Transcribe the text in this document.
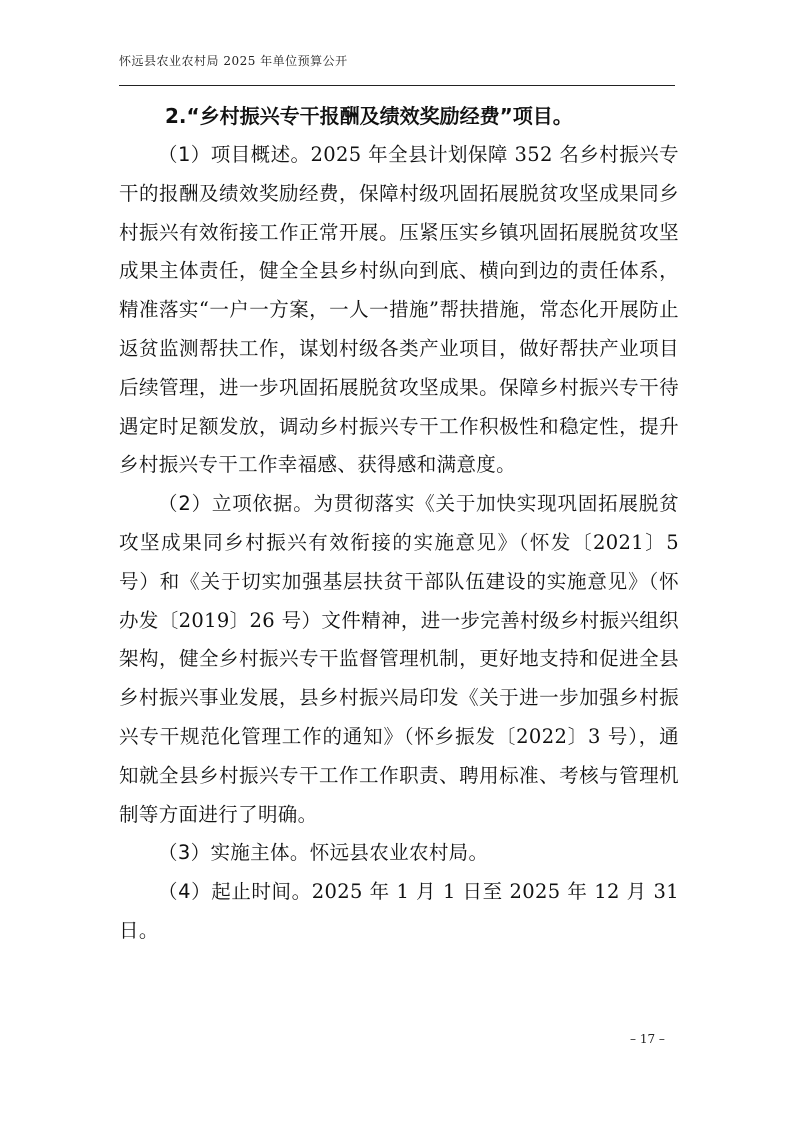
怀远县农业农村局 2025 年单位预算公开
2.“乡村振兴专干报酬及绩效奖励经费”项目。

（1）项目概述。2025 年全县计划保障 352 名乡村振兴专干的报酬及绩效奖励经费，保障村级巩固拓展脱贫攻坚成果同乡村振兴有效衔接工作正常开展。压紧压实乡镇巩固拓展脱贫攻坚成果主体责任，健全全县乡村纵向到底、横向到边的责任体系，精准落实“一户一方案，一人一措施”帮扶措施，常态化开展防止返贫监测帮扶工作，谋划村级各类产业项目，做好帮扶产业项目后续管理，进一步巩固拓展脱贫攻坚成果。保障乡村振兴专干待遇定时足额发放，调动乡村振兴专干工作积极性和稳定性，提升乡村振兴专干工作幸福感、获得感和满意度。

（2）立项依据。为贯彻落实《关于加快实现巩固拓展脱贫攻坚成果同乡村振兴有效衔接的实施意见》（怀发〔2021〕5 号）和《关于切实加强基层扶贫干部队伍建设的实施意见》（怀办发〔2019〕26 号）文件精神，进一步完善村级乡村振兴组织架构，健全乡村振兴专干监督管理机制，更好地支持和促进全县乡村振兴事业发展，县乡村振兴局印发《关于进一步加强乡村振兴专干规范化管理工作的通知》（怀乡振发〔2022〕3 号），通知就全县乡村振兴专干工作工作职责、聘用标准、考核与管理机制等方面进行了明确。

（3）实施主体。怀远县农业农村局。

（4）起止时间。2025 年 1 月 1 日至 2025 年 12 月 31 日。

– 17 –
